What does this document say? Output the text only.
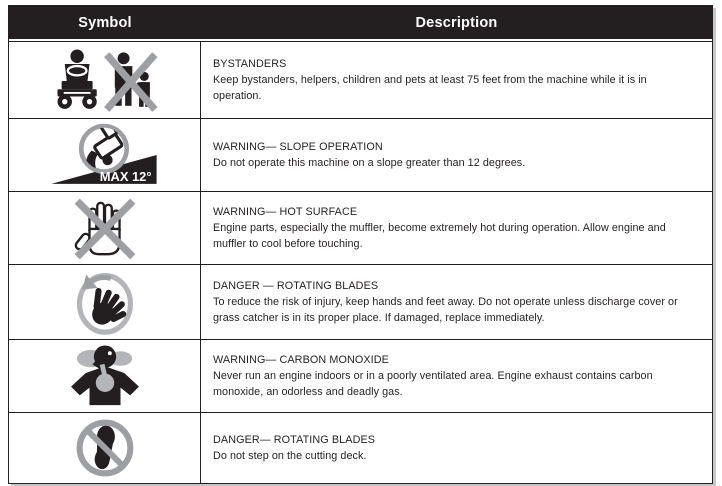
Symbol	Description
BYSTANDERS
Keep bystanders, helpers, children and pets at least 75 feet from the machine while it is in operation.
MAX 12°
WARNING— SLOPE OPERATION
Do not operate this machine on a slope greater than 12 degrees.
WARNING— HOT SURFACE
Engine parts, especially the muffler, become extremely hot during operation. Allow engine and muffler to cool before touching.
DANGER — ROTATING BLADES
To reduce the risk of injury, keep hands and feet away. Do not operate unless discharge cover or grass catcher is in its proper place. If damaged, replace immediately.
WARNING— CARBON MONOXIDE
Never run an engine indoors or in a poorly ventilated area. Engine exhaust contains carbon monoxide, an odorless and deadly gas.
DANGER— ROTATING BLADES
Do not step on the cutting deck.
